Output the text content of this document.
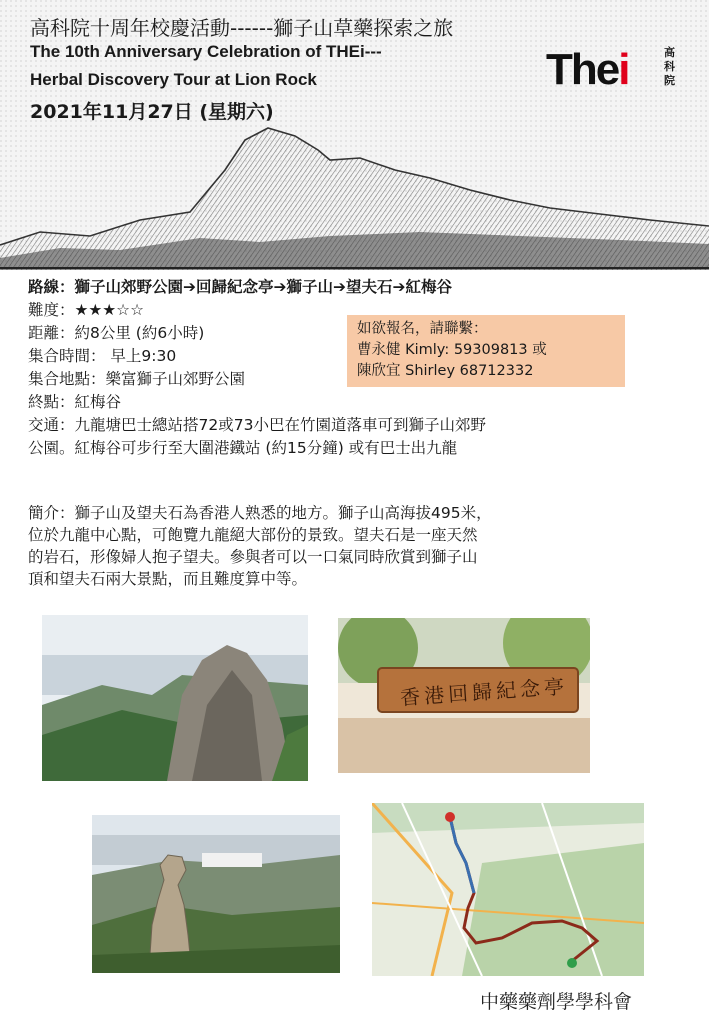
高科院十周年校慶活動------獅子山草藥探索之旅
The 10th Anniversary Celebration of THEi---
Herbal Discovery Tour at Lion Rock
2021年11月27日 (星期六)
Thei	高科院
路線：獅子山郊野公園➔回歸紀念亭➔獅子山➔望夫石➔紅梅谷
難度：★★★☆☆
距離：約8公里 (約6小時)
集合時間： 早上9:30
集合地點：樂富獅子山郊野公園
終點：紅梅谷
交通：九龍塘巴士總站搭72或73小巴在竹園道落車可到獅子山郊野
公園。紅梅谷可步行至大圍港鐵站 (約15分鐘) 或有巴士出九龍
如欲報名，請聯繫：
曹永健 Kimly: 59309813 或
陳欣宜 Shirley 68712332

簡介：獅子山及望夫石為香港人熟悉的地方。獅子山高海拔495米，

位於九龍中心點，可飽覽九龍絕大部份的景致。望夫石是一座天然

的岩石，形像婦人抱子望夫。參與者可以一口氣同時欣賞到獅子山

頂和望夫石兩大景點，而且難度算中等。

香港回歸紀念亭
中藥藥劑學學科會
